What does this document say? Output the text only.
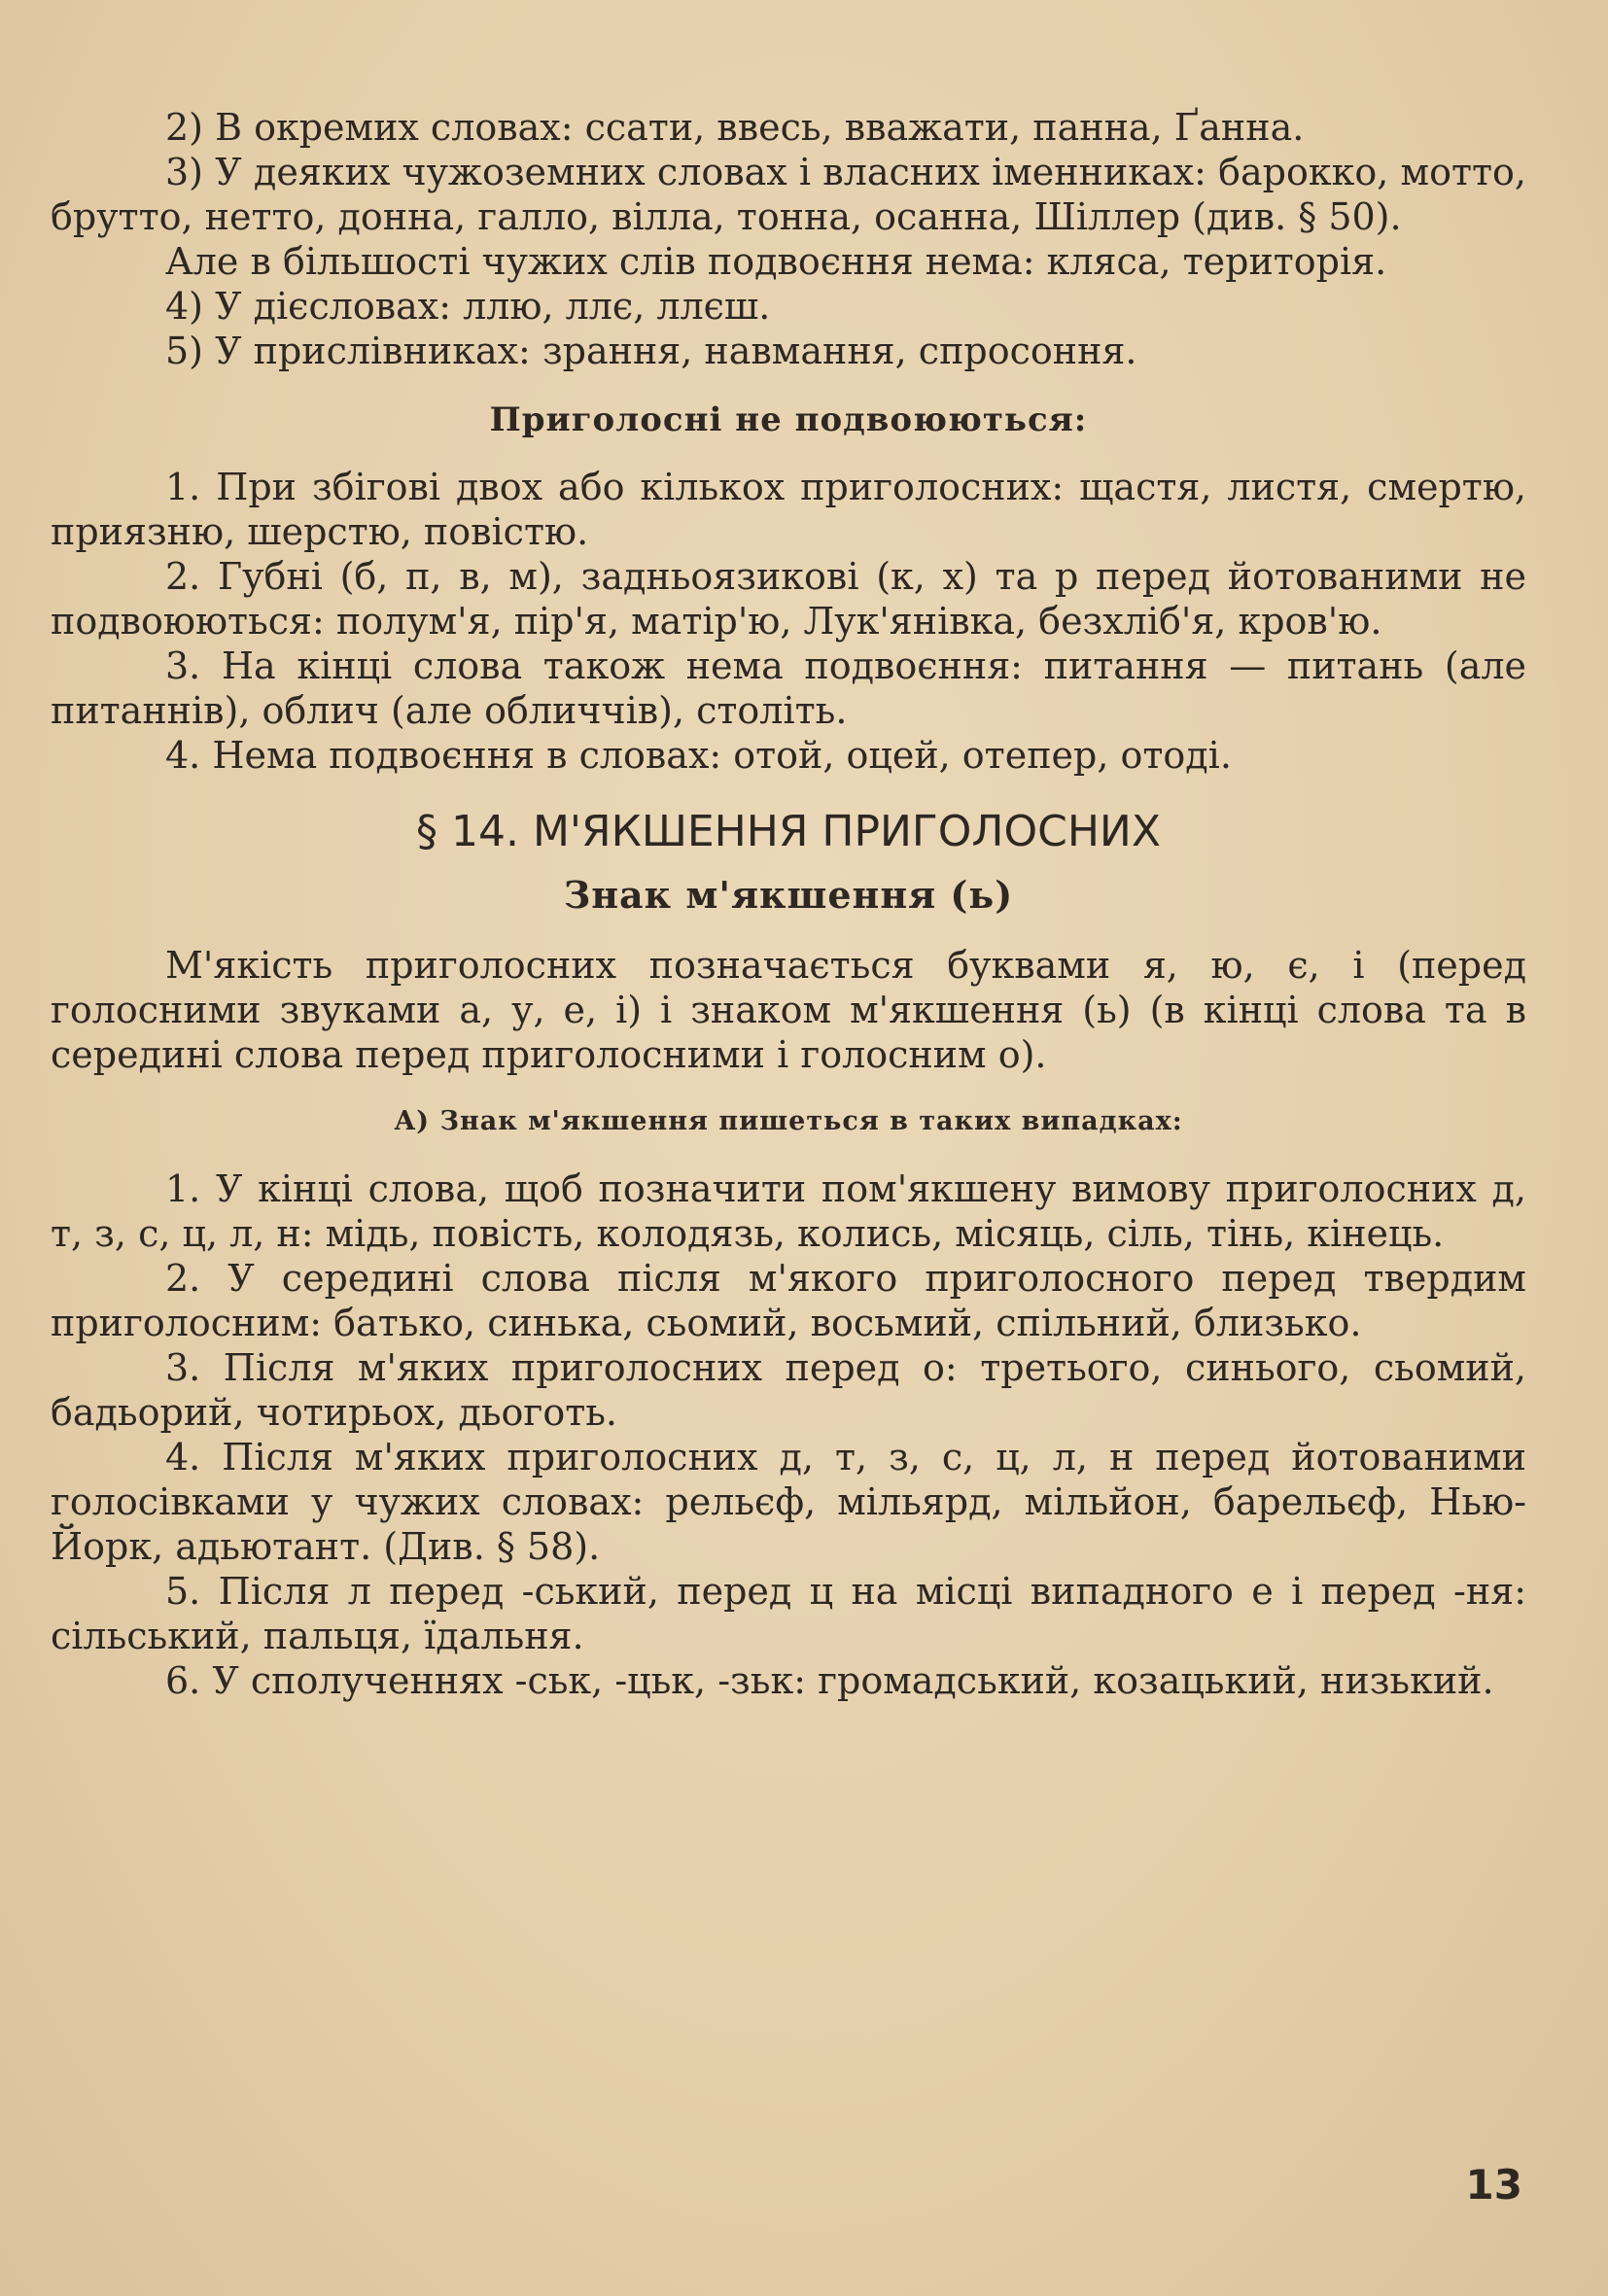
2) В окремих словах: ссати, ввесь, вважати, панна, Ґанна.

3) У деяких чужоземних словах і власних іменниках: барокко, мотто, брутто, нетто, донна, галло, вілла, тонна, осанна, Шіллер (див. § 50).

Але в більшості чужих слів подвоєння нема: кляса, територія.

4) У дієсловах: ллю, ллє, ллєш.

5) У прислівниках: зрання, навмання, спросоння.

Приголосні не подвоюються:

1. При збігові двох або кількох приголосних: щастя, листя, смертю, приязню, шерстю, повістю.

2. Губні (б, п, в, м), задньоязикові (к, х) та р перед йотованими не подвоюються: полум'я, пір'я, матір'ю, Лук'янівка, безхліб'я, кров'ю.

3. На кінці слова також нема подвоєння: питання — питань (але питаннів), облич (але обличчів), століть.

4. Нема подвоєння в словах: отой, оцей, отепер, отоді.

§ 14. М'ЯКШЕННЯ ПРИГОЛОСНИХ
Знак м'якшення (ь)

М'якість приголосних позначається буквами я, ю, є, і (перед голосними звуками а, у, е, і) і знаком м'якшення (ь) (в кінці слова та в середині слова перед приголосними і голосним о).

А) Знак м'якшення пишеться в таких випадках:

1. У кінці слова, щоб позначити пом'якшену вимову приголосних д, т, з, с, ц, л, н: мідь, повість, колодязь, колись, місяць, сіль, тінь, кінець.

2. У середині слова після м'якого приголосного перед твердим приголосним: батько, синька, сьомий, восьмий, спільний, близько.

3. Після м'яких приголосних перед о: третього, синього, сьомий, бадьорий, чотирьох, дьоготь.

4. Після м'яких приголосних д, т, з, с, ц, л, н перед йотованими голосівками у чужих словах: рельєф, мільярд, мільйон, барельєф, Нью-Йорк, адьютант. (Див. § 58).

5. Після л перед -ський, перед ц на місці випадного е і перед -ня: сільський, пальця, їдальня.

6. У сполученнях -ськ, -цьк, -зьк: громадський, козацький, низький.

13
